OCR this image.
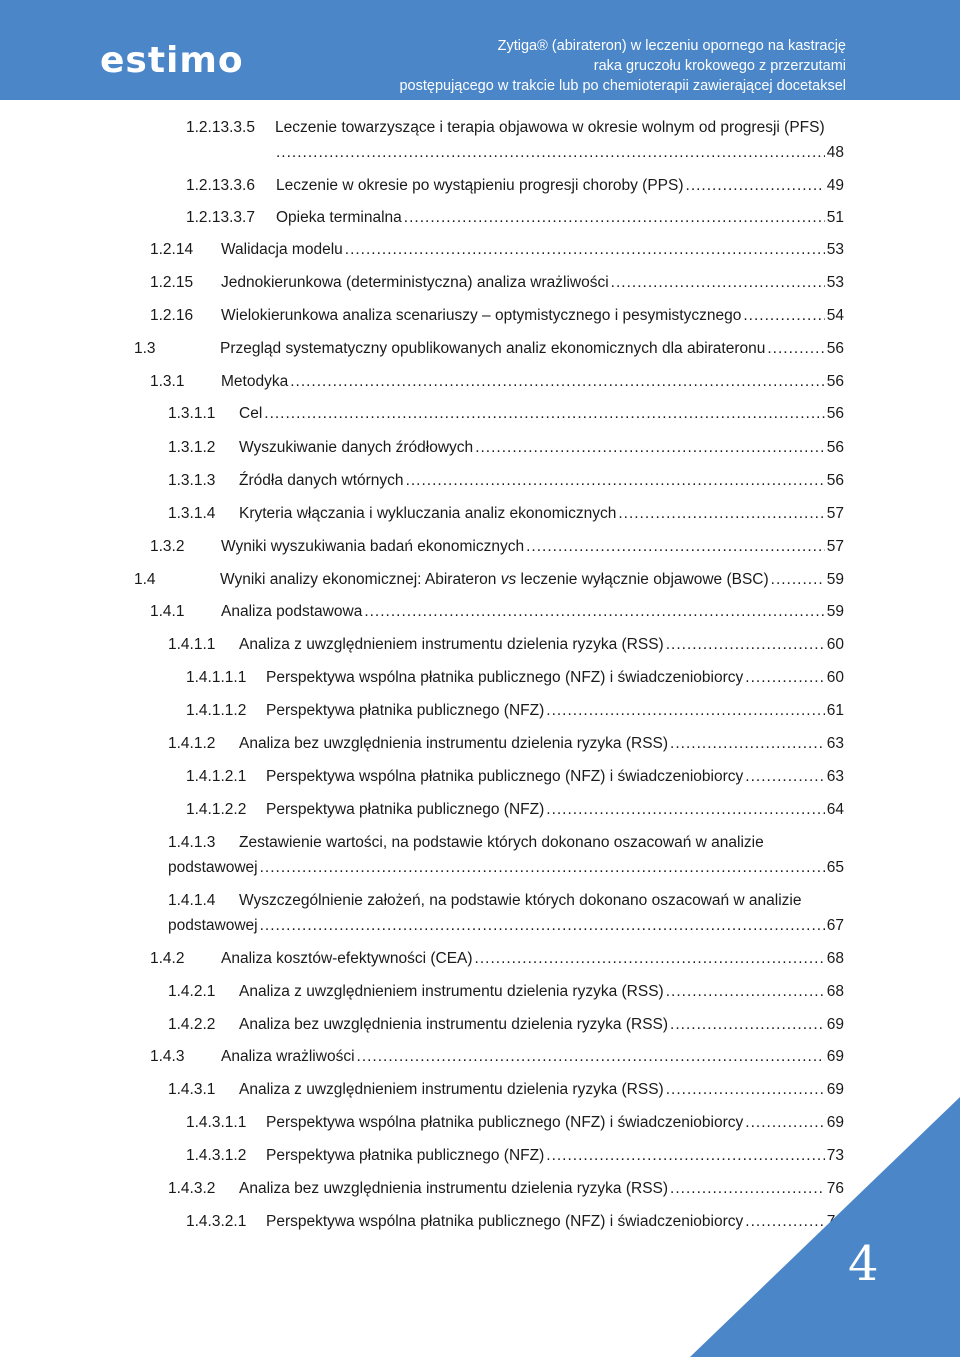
estimo	Zytiga® (abirateron) w leczeniu opornego na kastrację
raka gruczołu krokowego z przerzutami
postępującego w trakcie lub po chemioterapii zawierającej docetaksel
1.2.13.3.5 Leczenie towarzyszące i terapia objawowa w okresie wolnym od progresji (PFS)
.....
48
1.2.13.3.6	Leczenie w okresie po wystąpieniu progresji choroby (PPS) .....	49
1.2.13.3.7	Opieka terminalna .....	51
1.2.14	Walidacja modelu .....	53
1.2.15	Jednokierunkowa (deterministyczna) analiza wrażliwości .....	53
1.2.16	Wielokierunkowa analiza scenariuszy – optymistycznego i pesymistycznego .....	54
1.3	Przegląd systematyczny opublikowanych analiz ekonomicznych dla abirateronu .....	56
1.3.1	Metodyka .....	56
1.3.1.1	Cel .....	56
1.3.1.2	Wyszukiwanie danych źródłowych .....	56
1.3.1.3	Źródła danych wtórnych .....	56
1.3.1.4	Kryteria włączania i wykluczania analiz ekonomicznych .....	57
1.3.2	Wyniki wyszukiwania badań ekonomicznych .....	57
1.4	Wyniki analizy ekonomicznej: Abirateron vs leczenie wyłącznie objawowe (BSC) .....	59
1.4.1	Analiza podstawowa .....	59
1.4.1.1	Analiza z uwzględnieniem instrumentu dzielenia ryzyka (RSS) .....	60
1.4.1.1.1	Perspektywa wspólna płatnika publicznego (NFZ) i świadczeniobiorcy .....	60
1.4.1.1.2	Perspektywa płatnika publicznego (NFZ) .....	61
1.4.1.2	Analiza bez uwzględnienia instrumentu dzielenia ryzyka (RSS) .....	63
1.4.1.2.1	Perspektywa wspólna płatnika publicznego (NFZ) i świadczeniobiorcy .....	63
1.4.1.2.2	Perspektywa płatnika publicznego (NFZ) .....	64
1.4.1.3 Zestawienie wartości, na podstawie których dokonano oszacowań w analizie
podstawowej .....	65
1.4.1.4 Wyszczególnienie założeń, na podstawie których dokonano oszacowań w analizie
podstawowej .....	67
1.4.2	Analiza kosztów-efektywności (CEA) .....	68
1.4.2.1	Analiza z uwzględnieniem instrumentu dzielenia ryzyka (RSS) .....	68
1.4.2.2	Analiza bez uwzględnienia instrumentu dzielenia ryzyka (RSS) .....	69
1.4.3	Analiza wrażliwości .....	69
1.4.3.1	Analiza z uwzględnieniem instrumentu dzielenia ryzyka (RSS) .....	69
1.4.3.1.1	Perspektywa wspólna płatnika publicznego (NFZ) i świadczeniobiorcy .....	69
1.4.3.1.2	Perspektywa płatnika publicznego (NFZ) .....	73
1.4.3.2	Analiza bez uwzględnienia instrumentu dzielenia ryzyka (RSS) .....	76
1.4.3.2.1	Perspektywa wspólna płatnika publicznego (NFZ) i świadczeniobiorcy .....	76
4
